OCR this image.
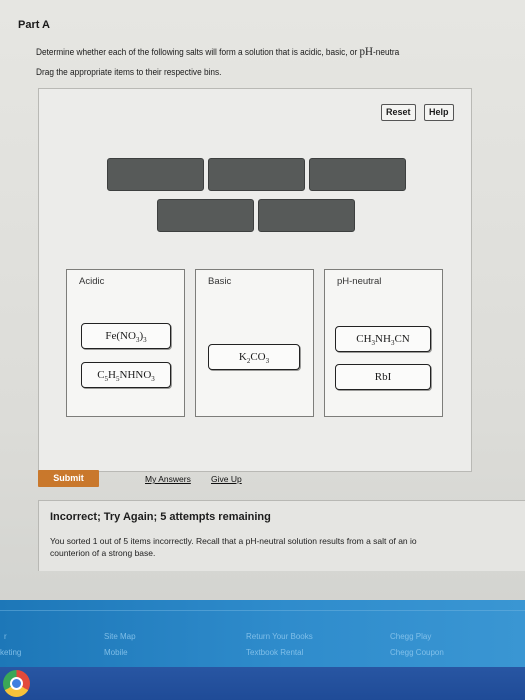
Part A
Determine whether each of the following salts will form a solution that is acidic, basic, or pH-neutra
Drag the appropriate items to their respective bins.
Reset	Help
Acidic
$Fe(NO_3)_3$
$C_5H_5NHNO_3$
Basic
$K_2CO_3$
pH-neutral
$CH_3NH_3CN$
RbI
Submit	My Answers Give Up
Incorrect; Try Again; 5 attempts remaining
You sorted 1 out of 5 items incorrectly. Recall that a pH-neutral solution results from a salt of an io
counterion of a strong base.
r
keting
Site Map
Mobile
Return Your Books
Textbook Rental
Chegg Play
Chegg Coupon
